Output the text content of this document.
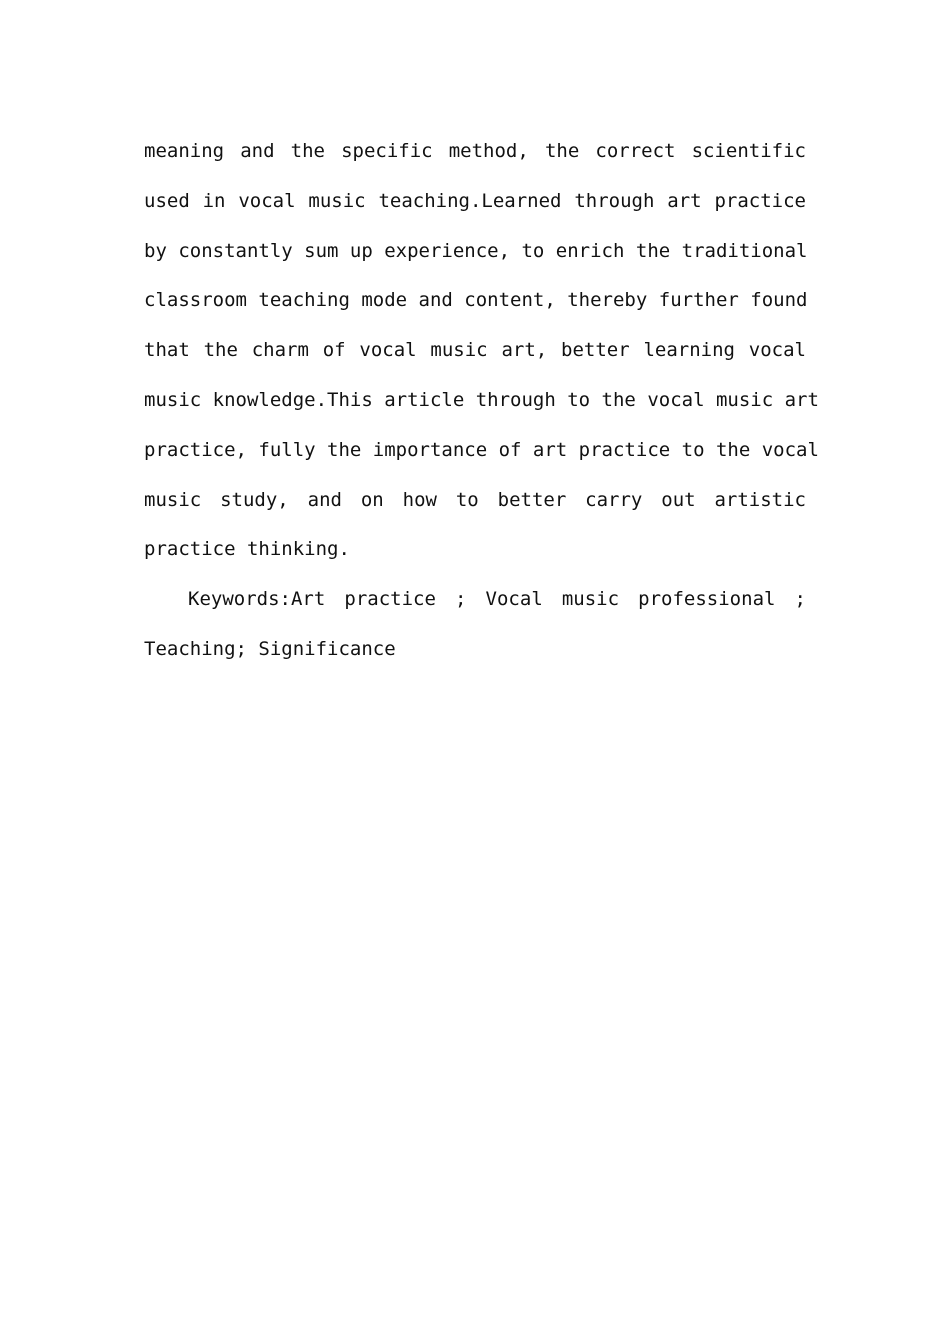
meaning and the specific method, the correct scientific
used in vocal music teaching.Learned through art practice
by constantly sum up experience, to enrich the traditional
classroom teaching mode and content, thereby further found
that the charm of vocal music art, better learning vocal
music knowledge.This article through to the vocal music art
practice, fully the importance of art practice to the vocal
music study, and on how to better carry out artistic
practice thinking.
Keywords:Art practice ; Vocal music professional ;
Teaching; Significance
